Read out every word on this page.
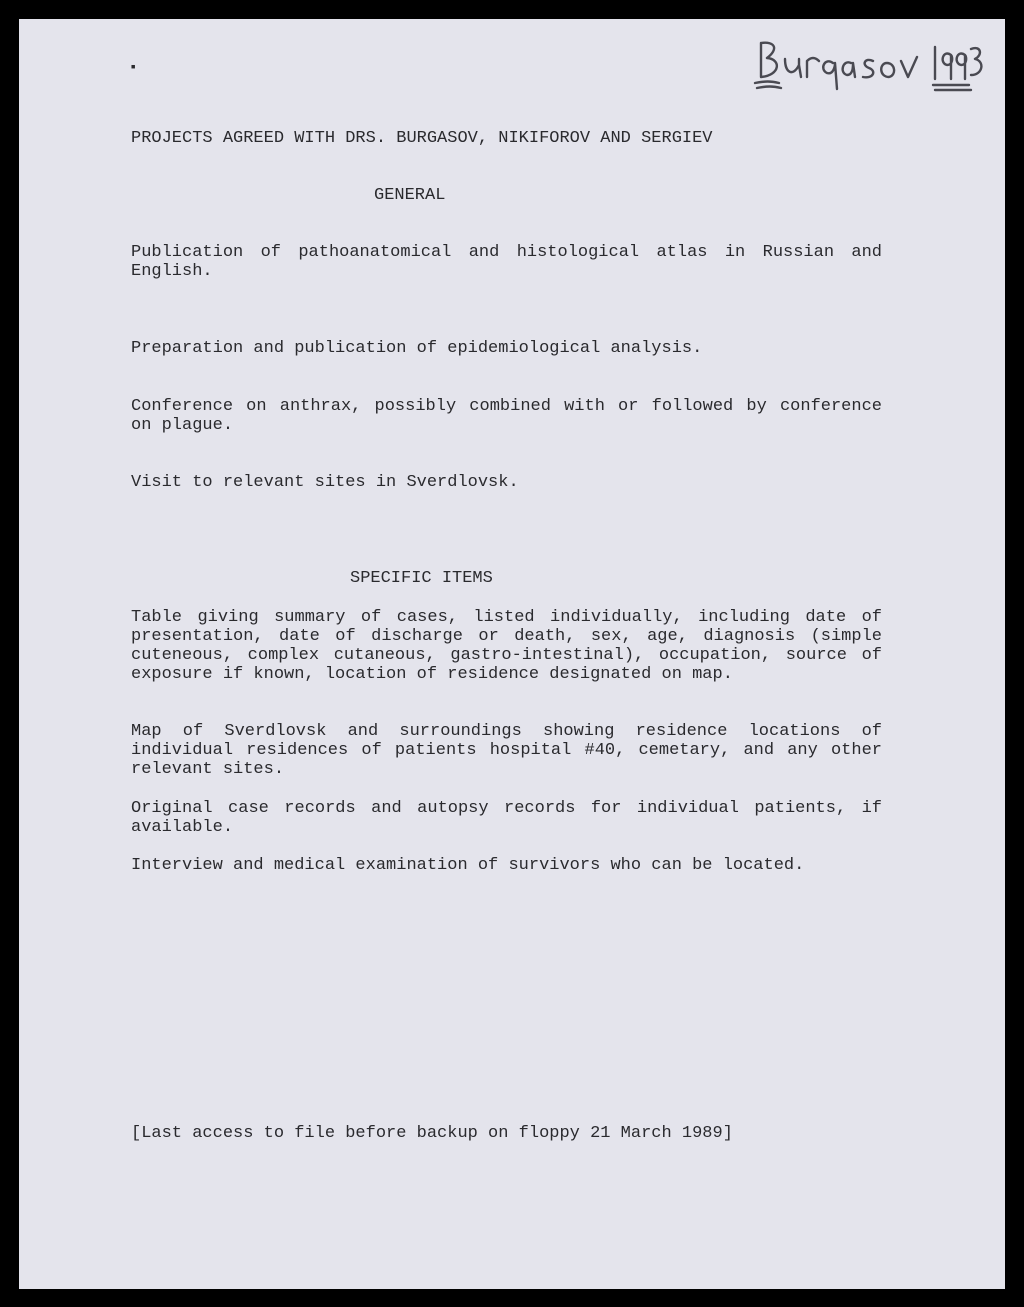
▪

PROJECTS AGREED WITH DRS. BURGASOV, NIKIFOROV AND SERGIEV

GENERAL

Publication of pathoanatomical and histological atlas in Russian and English.

Preparation and publication of epidemiological analysis.

Conference on anthrax, possibly combined with or followed by conference on plague.

Visit to relevant sites in Sverdlovsk.

SPECIFIC ITEMS

Table giving summary of cases, listed individually, including date of presentation, date of discharge or death, sex, age, diagnosis (simple cuteneous, complex cutaneous, gastro-intestinal), occupation, source of exposure if known, location of residence designated on map.

Map of Sverdlovsk and surroundings showing residence locations of individual residences of patients hospital #40, cemetary, and any other relevant sites.

Original case records and autopsy records for individual patients, if available.

Interview and medical examination of survivors who can be located.

[Last access to file before backup on floppy 21 March 1989]
